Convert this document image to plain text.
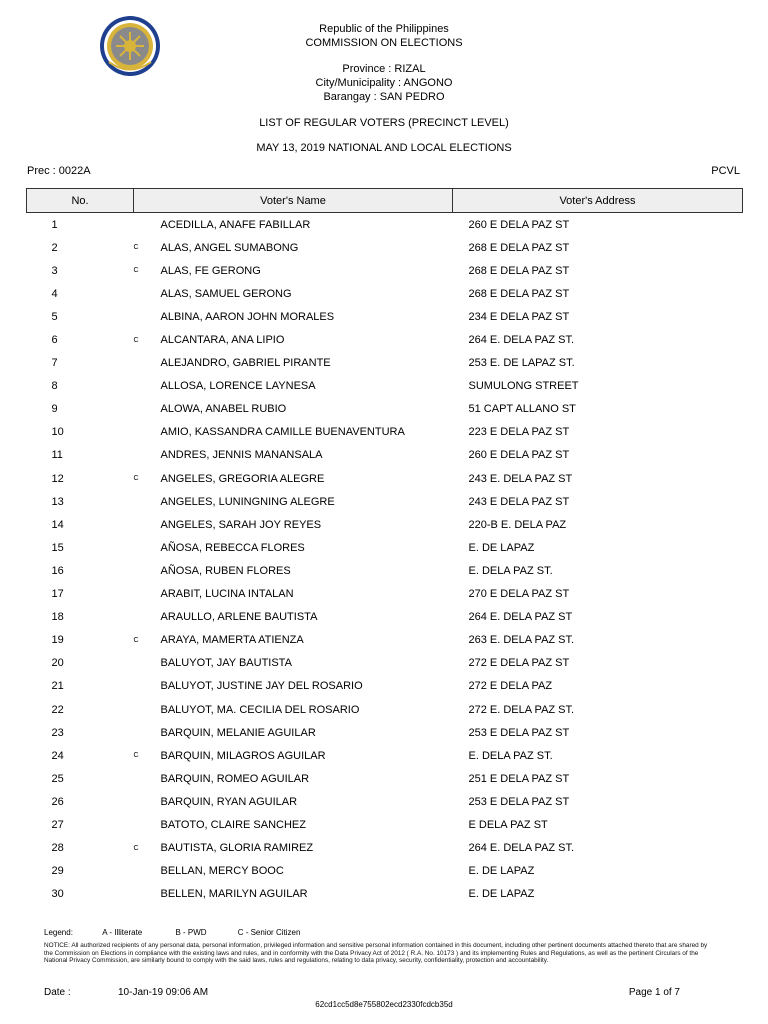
Republic of the Philippines
COMMISSION ON ELECTIONS
Province : RIZAL
City/Municipality : ANGONO
Barangay : SAN PEDRO
LIST OF REGULAR VOTERS (PRECINCT LEVEL)
MAY 13, 2019 NATIONAL AND LOCAL ELECTIONS
Prec : 0022A	PCVL
No.	Voter's Name		Voter's Address
1		ACEDILLA, ANAFE FABILLAR	260 E DELA PAZ ST
2	C	ALAS, ANGEL SUMABONG	268 E DELA PAZ ST
3	C	ALAS, FE GERONG	268 E DELA PAZ ST
4		ALAS, SAMUEL GERONG	268 E DELA PAZ ST
5		ALBINA, AARON JOHN MORALES	234 E DELA PAZ ST
6	C	ALCANTARA, ANA LIPIO	264 E. DELA PAZ ST.
7		ALEJANDRO, GABRIEL PIRANTE	253 E. DE LAPAZ ST.
8		ALLOSA, LORENCE LAYNESA	SUMULONG STREET
9		ALOWA, ANABEL RUBIO	51 CAPT ALLANO ST
10		AMIO, KASSANDRA CAMILLE BUENAVENTURA	223 E DELA PAZ ST
11		ANDRES, JENNIS MANANSALA	260 E DELA PAZ ST
12	C	ANGELES, GREGORIA ALEGRE	243 E. DELA PAZ ST
13		ANGELES, LUNINGNING ALEGRE	243 E DELA PAZ ST
14		ANGELES, SARAH JOY REYES	220-B E. DELA PAZ
15		AÑOSA, REBECCA FLORES	E. DE LAPAZ
16		AÑOSA, RUBEN FLORES	E. DELA PAZ ST.
17		ARABIT, LUCINA INTALAN	270 E DELA PAZ ST
18		ARAULLO, ARLENE BAUTISTA	264 E. DELA PAZ ST
19	C	ARAYA, MAMERTA ATIENZA	263 E. DELA PAZ ST.
20		BALUYOT, JAY BAUTISTA	272 E DELA PAZ ST
21		BALUYOT, JUSTINE JAY DEL ROSARIO	272 E DELA PAZ
22		BALUYOT, MA. CECILIA DEL ROSARIO	272 E. DELA PAZ ST.
23		BARQUIN, MELANIE AGUILAR	253 E DELA PAZ ST
24	C	BARQUIN, MILAGROS AGUILAR	E. DELA PAZ ST.
25		BARQUIN, ROMEO AGUILAR	251 E DELA PAZ ST
26		BARQUIN, RYAN AGUILAR	253 E DELA PAZ ST
27		BATOTO, CLAIRE SANCHEZ	E DELA PAZ ST
28	C	BAUTISTA, GLORIA RAMIREZ	264 E. DELA PAZ ST.
29		BELLAN, MERCY BOOC	E. DE LAPAZ
30		BELLEN, MARILYN AGUILAR	E. DE LAPAZ
Legend:	A - Illiterate	B - PWD	C - Senior Citizen
NOTICE: All authorized recipients of any personal data, personal information, privileged information and sensitive personal information contained in this document, including other pertinent documents attached thereto that are shared by the Commission on Elections in compliance with the existing laws and rules, and in conformity with the Data Privacy Act of 2012 ( R.A. No. 10173 ) and its implementing Rules and Regulations, as well as the pertinent Circulars of the National Privacy Commission, are similarly bound to comply with the said laws, rules and regulations, relating to data privacy, security, confidentiality, protection and accountability.
Date :	10-Jan-19 09:06 AM	Page 1 of 7
62cd1cc5d8e755802ecd2330fcdcb35d
